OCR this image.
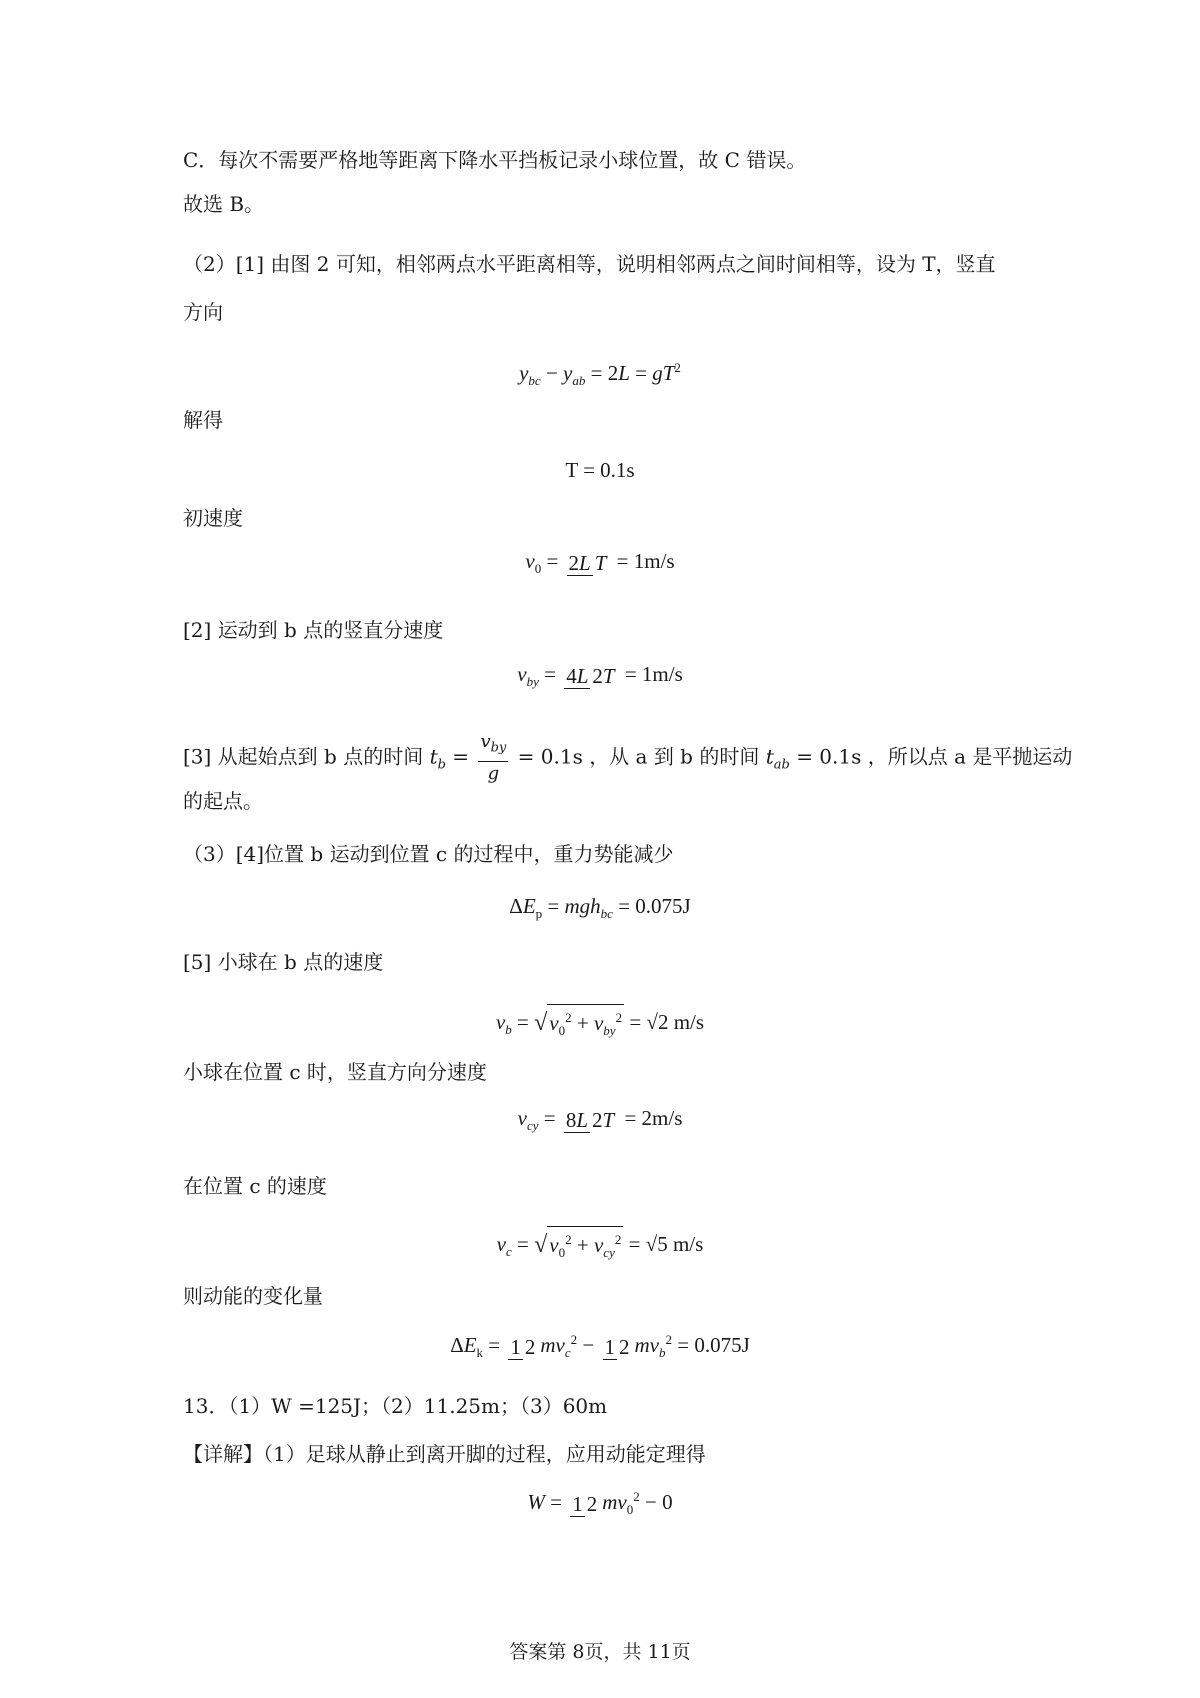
C．每次不需要严格地等距离下降水平挡板记录小球位置，故 C 错误。
故选 B。
（2）[1] 由图 2 可知，相邻两点水平距离相等，说明相邻两点之间时间相等，设为 T，竖直
方向
$y_{bc} - y_{ab} = 2L = gT^2$
解得
T = 0.1s
初速度
$v_0 = 2L$ T = 1m/s
[2] 运动到 b 点的竖直分速度
$v_{by} = 4L$ 2T = 1m/s
[3] 从起始点到 b 点的时间 $t_b = \frac{v_{by}}{g} = 0.1s$ ，从 a 到 b 的时间 $t_{ab} = 0.1s$ ，所以点 a 是平抛运动
的起点。
（3）[4]位置 b 运动到位置 c 的过程中，重力势能减少
$\Delta E_p = mgh_{bc} = 0.075J$
[5] 小球在 b 点的速度
$v_b = √v_0^2 + v_{by}^2 = √2$ m/s
小球在位置 c 时，竖直方向分速度
$v_{cy} = 8L$ 2T = 2m/s
在位置 c 的速度
$v_c = √v_0^2 + v_{cy}^2 = √5$ m/s
则动能的变化量
$\Delta E_k = 1$ 2 $mv_c^2 - 1$ 2 $mv_b^2 = 0.075J$
13．（1）W =125J；（2）11.25m；（3）60m
【详解】（1）足球从静止到离开脚的过程，应用动能定理得
W = 1 2 $mv_0^2 - 0$
答案第 8页，共 11页
